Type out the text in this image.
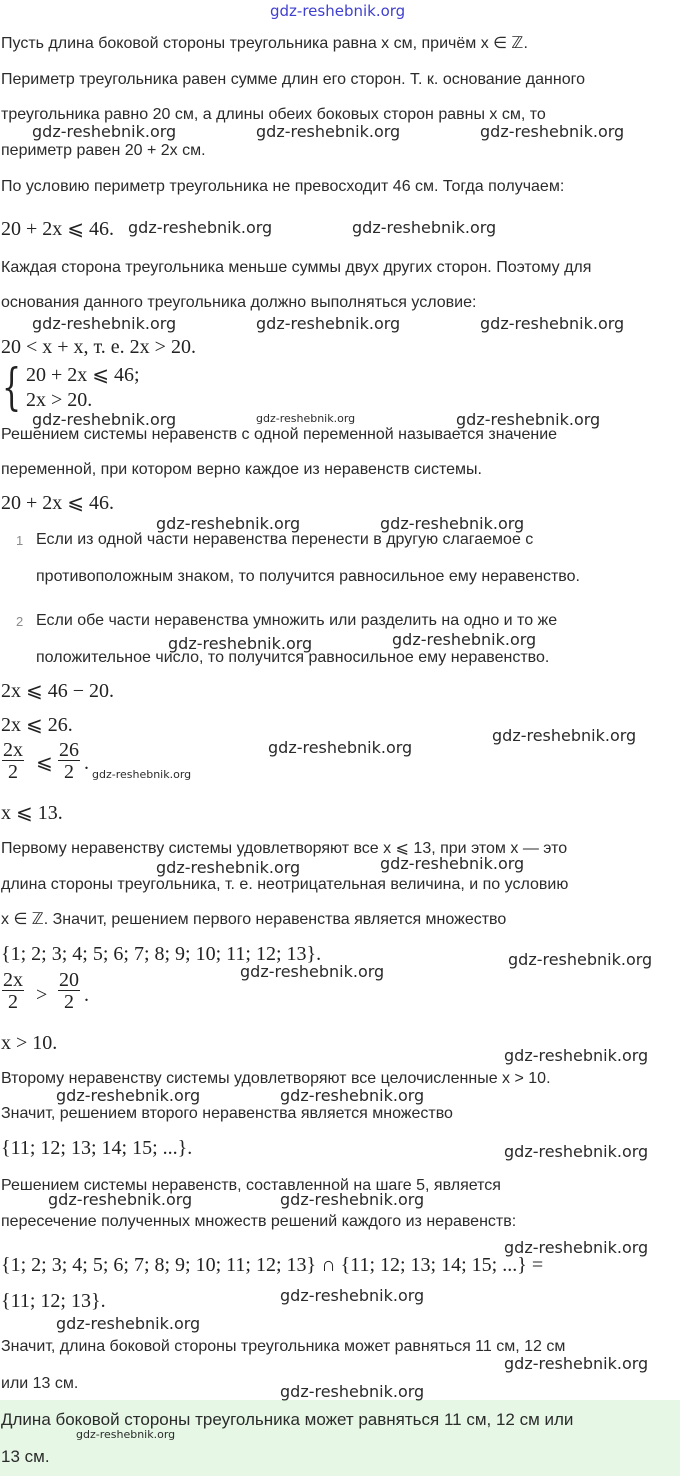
gdz-reshebnik.org
Пусть длина боковой стороны треугольника равна x см, причём x ∈ ℤ.
Периметр треугольника равен сумме длин его сторон. Т. к. основание данного
треугольника равно 20 см, а длины обеих боковых сторон равны x см, то
периметр равен 20 + 2x см.
По условию периметр треугольника не превосходит 46 см. Тогда получаем:
20 + 2x ⩽ 46.
Каждая сторона треугольника меньше суммы двух других сторон. Поэтому для
основания данного треугольника должно выполняться условие:
20 < x + x, т. е. 2x > 20.
{ 20 + 2x ⩽ 46;
2x > 20.
Решением системы неравенств с одной переменной называется значение
переменной, при котором верно каждое из неравенств системы.
20 + 2x ⩽ 46.
1 Если из одной части неравенства перенести в другую слагаемое с
противоположным знаком, то получится равносильное ему неравенство.
2 Если обе части неравенства умножить или разделить на одно и то же
положительное число, то получится равносильное ему неравенство.
2x ⩽ 46 − 20.
2x ⩽ 26.
$\frac{2x}{2}$ ⩽ $\frac{26}{2}$ .
x ⩽ 13.
Первому неравенству системы удовлетворяют все x ⩽ 13, при этом x — это
длина стороны треугольника, т. е. неотрицательная величина, и по условию
x ∈ ℤ. Значит, решением первого неравенства является множество
{1; 2; 3; 4; 5; 6; 7; 8; 9; 10; 11; 12; 13}.
$\frac{2x}{2} > \frac{20}{2}$ .
x > 10.
Второму неравенству системы удовлетворяют все целочисленные x > 10.
Значит, решением второго неравенства является множество
{11; 12; 13; 14; 15; ...}.
Решением системы неравенств, составленной на шаге 5, является
пересечение полученных множеств решений каждого из неравенств:
{1; 2; 3; 4; 5; 6; 7; 8; 9; 10; 11; 12; 13} ∩ {11; 12; 13; 14; 15; ...} =
{11; 12; 13}.
Значит, длина боковой стороны треугольника может равняться 11 см, 12 см
или 13 см.
Длина боковой стороны треугольника может равняться 11 см, 12 см или
13 см.
gdz-reshebnik.org	gdz-reshebnik.org	gdz-reshebnik.org
gdz-reshebnik.org	gdz-reshebnik.org
gdz-reshebnik.org	gdz-reshebnik.org	gdz-reshebnik.org
gdz-reshebnik.org	gdz-reshebnik.org	gdz-reshebnik.org
gdz-reshebnik.org	gdz-reshebnik.org
gdz-reshebnik.org	gdz-reshebnik.org
gdz-reshebnik.org
gdz-reshebnik.org
gdz-reshebnik.org
gdz-reshebnik.org	gdz-reshebnik.org
gdz-reshebnik.org
gdz-reshebnik.org
gdz-reshebnik.org
gdz-reshebnik.org	gdz-reshebnik.org
gdz-reshebnik.org
gdz-reshebnik.org	gdz-reshebnik.org
gdz-reshebnik.org
gdz-reshebnik.org
gdz-reshebnik.org
gdz-reshebnik.org
gdz-reshebnik.org
gdz-reshebnik.org
